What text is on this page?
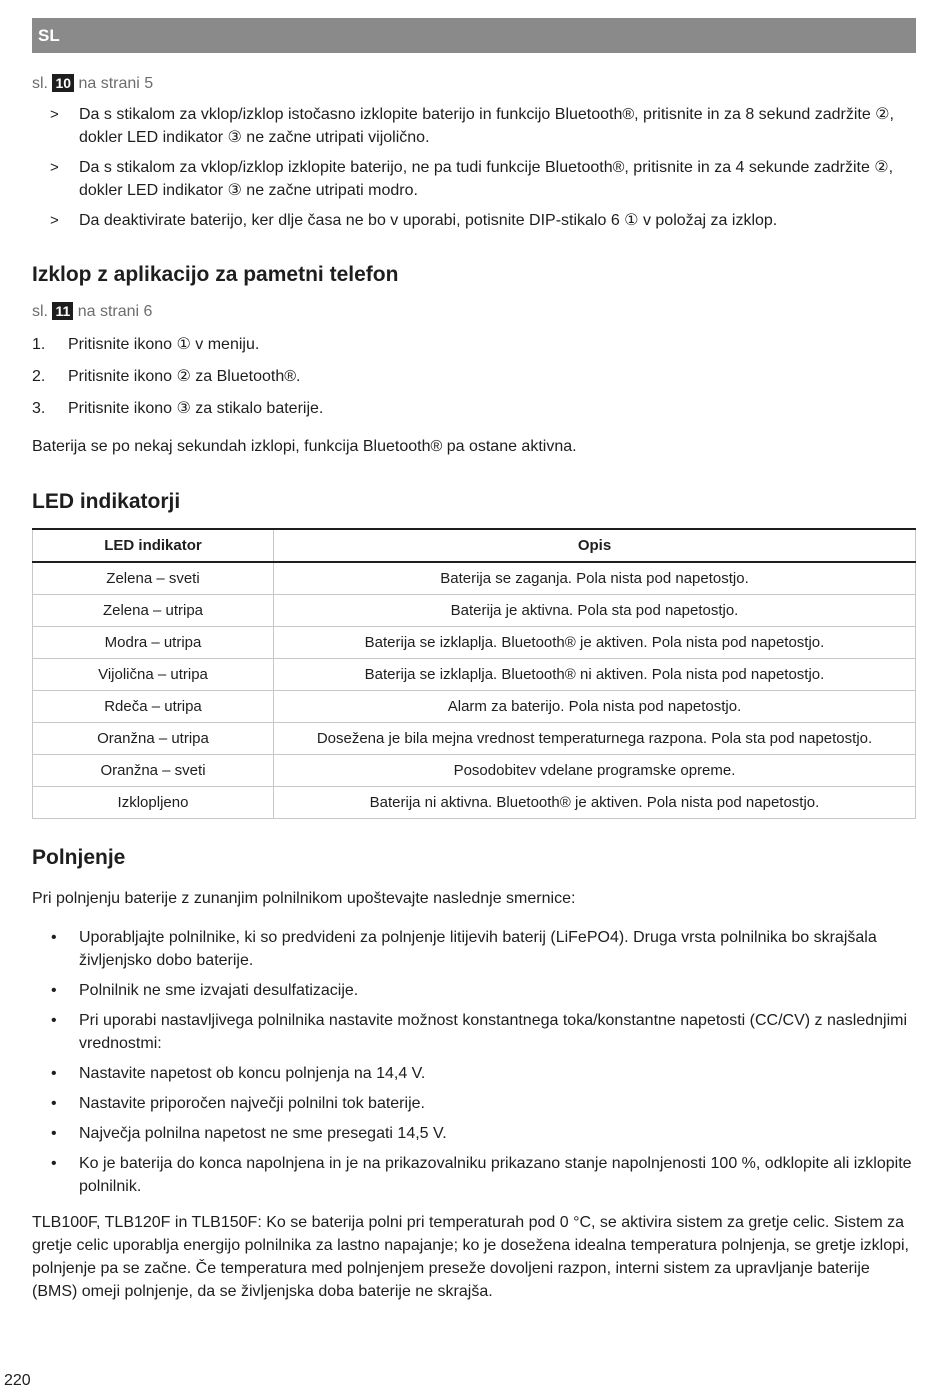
SL
sl. 10 na strani 5
> Da s stikalom za vklop/izklop istočasno izklopite baterijo in funkcijo Bluetooth®, pritisnite in za 8 sekund zadržite ②, dokler LED indikator ③ ne začne utripati vijolično.
> Da s stikalom za vklop/izklop izklopite baterijo, ne pa tudi funkcije Bluetooth®, pritisnite in za 4 sekunde zadržite ②, dokler LED indikator ③ ne začne utripati modro.
> Da deaktivirate baterijo, ker dlje časa ne bo v uporabi, potisnite DIP-stikalo 6 ① v položaj za izklop.
Izklop z aplikacijo za pametni telefon
sl. 11 na strani 6
1. Pritisnite ikono ① v meniju.
2. Pritisnite ikono ② za Bluetooth®.
3. Pritisnite ikono ③ za stikalo baterije.

Baterija se po nekaj sekundah izklopi, funkcija Bluetooth® pa ostane aktivna.

LED indikatorji
LED indikator	Opis
Zelena – sveti	Baterija se zaganja. Pola nista pod napetostjo.
Zelena – utripa	Baterija je aktivna. Pola sta pod napetostjo.
Modra – utripa	Baterija se izklaplja. Bluetooth® je aktiven. Pola nista pod napetostjo.
Vijolična – utripa	Baterija se izklaplja. Bluetooth® ni aktiven. Pola nista pod napetostjo.
Rdeča – utripa	Alarm za baterijo. Pola nista pod napetostjo.
Oranžna – utripa	Dosežena je bila mejna vrednost temperaturnega razpona. Pola sta pod napetostjo.
Oranžna – sveti	Posodobitev vdelane programske opreme.
Izklopljeno	Baterija ni aktivna. Bluetooth® je aktiven. Pola nista pod napetostjo.
Polnjenje

Pri polnjenju baterije z zunanjim polnilnikom upoštevajte naslednje smernice:

• Uporabljajte polnilnike, ki so predvideni za polnjenje litijevih baterij (LiFePO4). Druga vrsta polnilnika bo skrajšala življenjsko dobo baterije.
• Polnilnik ne sme izvajati desulfatizacije.
• Pri uporabi nastavljivega polnilnika nastavite možnost konstantnega toka/konstantne napetosti (CC/CV) z naslednjimi vrednostmi:
• Nastavite napetost ob koncu polnjenja na 14,4 V.
• Nastavite priporočen največji polnilni tok baterije.
• Največja polnilna napetost ne sme presegati 14,5 V.
• Ko je baterija do konca napolnjena in je na prikazovalniku prikazano stanje napolnjenosti 100 %, odklopite ali izklopite polnilnik.

TLB100F, TLB120F in TLB150F: Ko se baterija polni pri temperaturah pod 0 °C, se aktivira sistem za gretje celic. Sistem za gretje celic uporablja energijo polnilnika za lastno napajanje; ko je dosežena idealna temperatura polnjenja, se gretje izklopi, polnjenje pa se začne. Če temperatura med polnjenjem preseže dovoljeni razpon, interni sistem za upravljanje baterije (BMS) omeji polnjenje, da se življenjska doba baterije ne skrajša.

220
